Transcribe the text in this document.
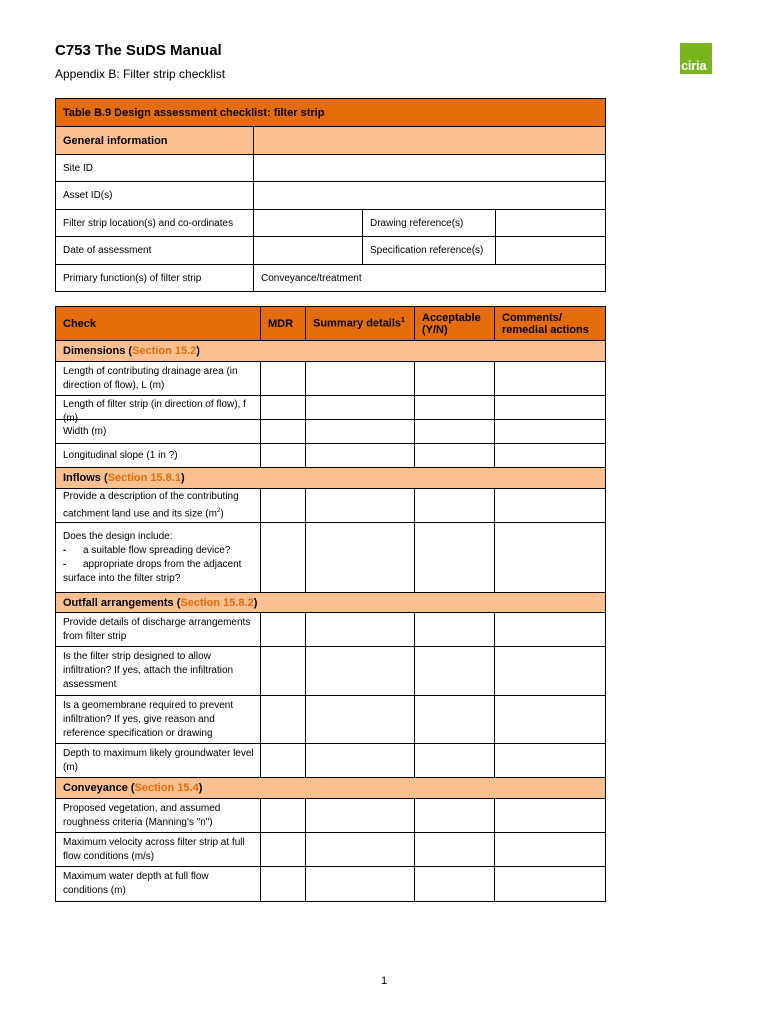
C753 The SuDS Manual
Appendix B: Filter strip checklist
ciria
Table B.9 Design assessment checklist: filter strip			
General information			
Site ID			
Asset ID(s)			
Filter strip location(s) and co-ordinates		Drawing reference(s)	
Date of assessment		Specification reference(s)	
Primary function(s) of filter strip	Conveyance/treatment		
Check	MDR	Summary details$^1$	Acceptable (Y/N)	Comments/ remedial actions
Dimensions (Section 15.2)				
Length of contributing drainage area (in direction of flow), L (m)				

Length of filter strip (in direction of flow), f (m)				

Width (m)				
Longitudinal slope (1 in ?)				
Inflows (Section 15.8.1)				
Provide a description of the contributing catchment land use and its size $(m^2)$				

Does the design include:
- a suitable flow spreading device?
- appropriate drops from the adjacent surface into the filter strip?				

Outfall arrangements (Section 15.8.2)				
Provide details of discharge arrangements from filter strip				
Is the filter strip designed to allow infiltration? If yes, attach the infiltration assessment				
Is a geomembrane required to prevent infiltration? If yes, give reason and reference specification or drawing				
Depth to maximum likely groundwater level (m)				
Conveyance (Section 15.4)				
Proposed vegetation, and assumed roughness criteria (Manning's "n")				
Maximum velocity across filter strip at full flow conditions (m/s)				
Maximum water depth at full flow conditions (m)				
1
